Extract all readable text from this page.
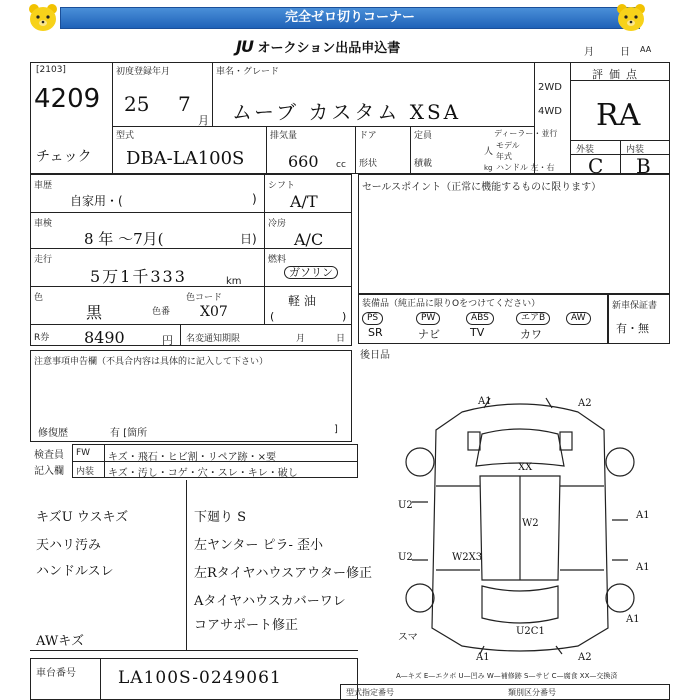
完全ゼロ切りコーナー
JU オークション出品申込書	月	日 AA
[2103]
4209
チェック
初度登録年月
25 7
月
車名・グレード
ムーブ カスタム XSA
2WD
4WD
評価点
RA
外装	内装
C B
型式
DBA-LA100S
排気量
660 cc
ドア
形状
定員
人
積載	kg
ディーラー・並行
モデル
年式
ハンドル 左・右
車歴
自家用・(	)
シフト
A/T
車検
8 年 〜7月(	日)
冷房
A/C
走行
5万1千333	km
燃料
ガソリン
軽 油
(	)
色
黒	色番
色コード
X07
R券 8490	円 名変通知期限	月	日
セールスポイント（正常に機能するものに限ります）
装備品（純正品に限りOをつけてください）	新車保証書
有・無
PS	PW	ABS	エアB	AW
SR	ナビ	TV	カワ
後日品
注意事項申告欄（不具合内容は具体的に記入して下さい）
修復歴	有 [箇所	]
検査員
記入欄
FW キズ・飛石・ヒビ割・リペア跡・×要
内装 キズ・汚し・コゲ・穴・スレ・キレ・破し
キズU ウスキズ
天ハリ汚み
ハンドルスレ
下廻り S
左ヤンター ピラ- 歪小
左Rタイヤハウスアウター修正
Aタイヤハウスカバーワレ
コアサポート修正
AWキズ
車台番号 LA100S-0249061
A1	A2
XX
U2
A1
W2
U2	W2X3
A1
U2C1
A2
A1
A1
スマ
A—キズ E—エクボ U—凹み W—補修跡 S—サビ C—腐食 XX—交換済
型式指定番号	類別区分番号
